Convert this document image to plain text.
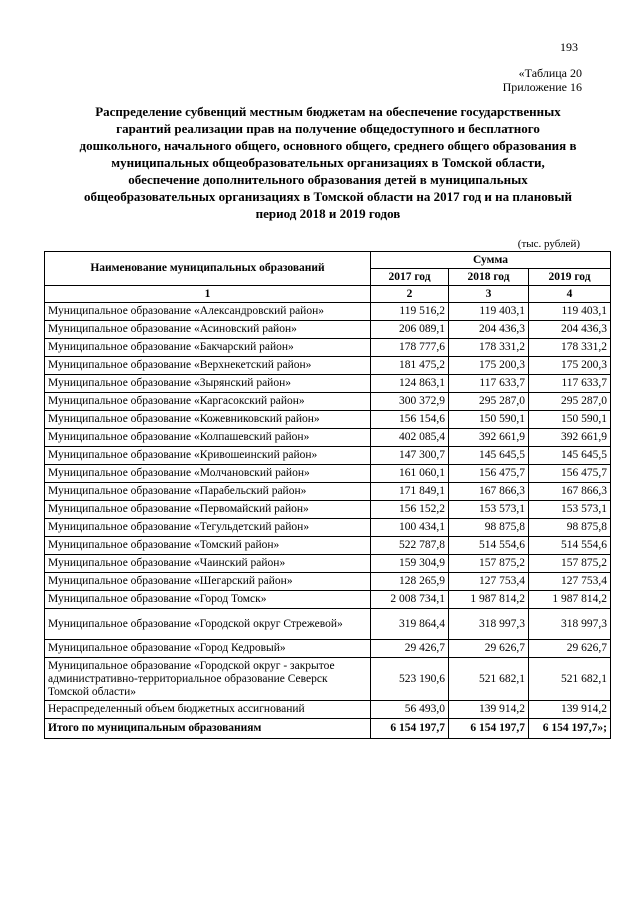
193
«Таблица 20
Приложение 16
Распределение субвенций местным бюджетам на обеспечение государственных гарантий реализации прав на получение общедоступного и бесплатного дошкольного, начального общего, основного общего, среднего общего образования в муниципальных общеобразовательных организациях в Томской области, обеспечение дополнительного образования детей в муниципальных общеобразовательных организациях в Томской области на 2017 год и на плановый период 2018 и 2019 годов
(тыс. рублей)
Наименование муниципальных образований	Сумма		
	2017 год	2018 год	2019 год
1	2	3	4
Муниципальное образование «Александровский район»	119 516,2	119 403,1	119 403,1
Муниципальное образование «Асиновский район»	206 089,1	204 436,3	204 436,3
Муниципальное образование «Бакчарский район»	178 777,6	178 331,2	178 331,2
Муниципальное образование «Верхнекетский район»	181 475,2	175 200,3	175 200,3
Муниципальное образование «Зырянский район»	124 863,1	117 633,7	117 633,7
Муниципальное образование «Каргасокский район»	300 372,9	295 287,0	295 287,0
Муниципальное образование «Кожевниковский район»	156 154,6	150 590,1	150 590,1
Муниципальное образование «Колпашевский район»	402 085,4	392 661,9	392 661,9
Муниципальное образование «Кривошеинский район»	147 300,7	145 645,5	145 645,5
Муниципальное образование «Молчановский район»	161 060,1	156 475,7	156 475,7
Муниципальное образование «Парабельский район»	171 849,1	167 866,3	167 866,3
Муниципальное образование «Первомайский район»	156 152,2	153 573,1	153 573,1
Муниципальное образование «Тегульдетский район»	100 434,1	98 875,8	98 875,8
Муниципальное образование «Томский район»	522 787,8	514 554,6	514 554,6
Муниципальное образование «Чаинский район»	159 304,9	157 875,2	157 875,2
Муниципальное образование «Шегарский район»	128 265,9	127 753,4	127 753,4
Муниципальное образование «Город Томск»	2 008 734,1	1 987 814,2	1 987 814,2
Муниципальное образование «Городской округ Стрежевой»	319 864,4	318 997,3	318 997,3
Муниципальное образование «Город Кедровый»	29 426,7	29 626,7	29 626,7
Муниципальное образование «Городской округ - закрытое административно-территориальное образование Северск Томской области»	523 190,6	521 682,1	521 682,1
Нераспределенный объем бюджетных ассигнований	56 493,0	139 914,2	139 914,2
Итого по муниципальным образованиям	6 154 197,7	6 154 197,7	6 154 197,7»;
